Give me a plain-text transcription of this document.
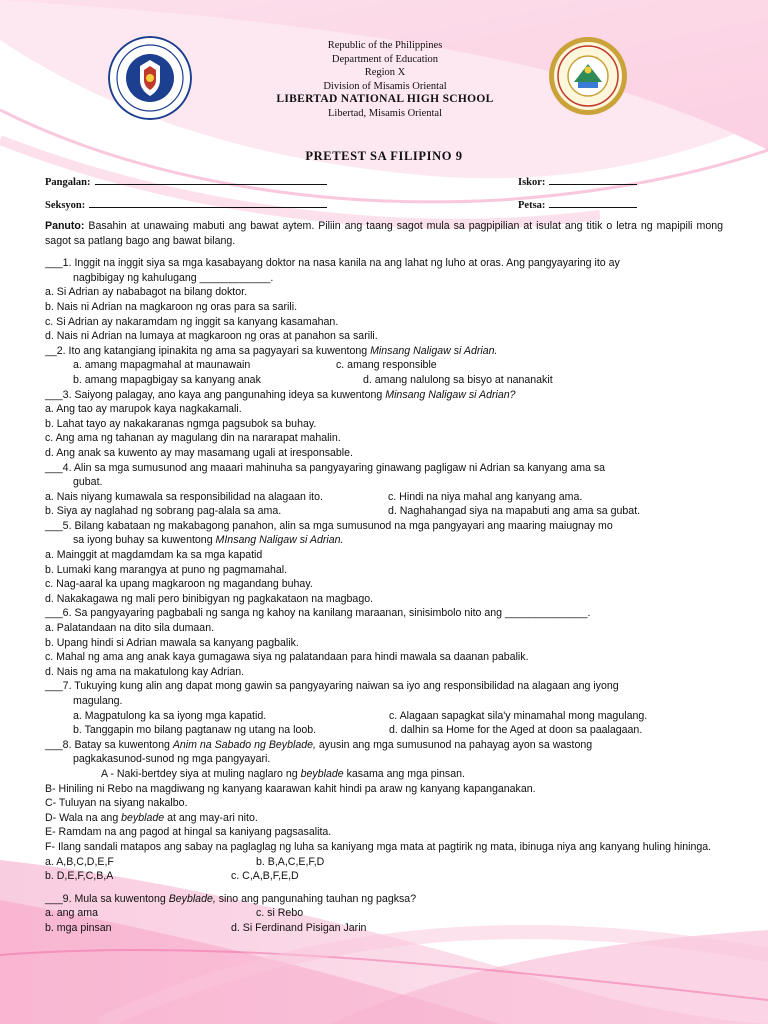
Republic of the Philippines
Department of Education
Region X
Division of Misamis Oriental
LIBERTAD NATIONAL HIGH SCHOOL
Libertad, Misamis Oriental
PRETEST SA FILIPINO 9
Pangalan:	Iskor:
Seksyon:	Petsa:
Panuto: Basahin at unawaing mabuti ang bawat aytem. Piliin ang taang sagot mula sa pagpipilian at isulat ang titik o letra ng mapipili mong sagot sa patlang bago ang bawat bilang.
___1. Inggit na inggit siya sa mga kasabayang doktor na nasa kanila na ang lahat ng luho at oras. Ang pangyayaring ito ay
nagbibigay ng kahulugang ____________.
a. Si Adrian ay nababagot na bilang doktor.
b. Nais ni Adrian na magkaroon ng oras para sa sarili.
c. Si Adrian ay nakaramdam ng inggit sa kanyang kasamahan.
d. Nais ni Adrian na lumaya at magkaroon ng oras at panahon sa sarili.
__2. Ito ang katangiang ipinakita ng ama sa pagyayari sa kuwentong Minsang Naligaw si Adrian.
a. amang mapagmahal at maunawain	c. amang responsible
b. amang mapagbigay sa kanyang anak	d. amang nalulong sa bisyo at nananakit
___3. Saiyong palagay, ano kaya ang pangunahing ideya sa kuwentong Minsang Naligaw si Adrian?
a. Ang tao ay marupok kaya nagkakamali.
b. Lahat tayo ay nakakaranas ngmga pagsubok sa buhay.
c. Ang ama ng tahanan ay magulang din na nararapat mahalin.
d. Ang anak sa kuwento ay may masamang ugali at iresponsable.
___4. Alin sa mga sumusunod ang maaari mahinuha sa pangyayaring ginawang pagligaw ni Adrian sa kanyang ama sa
gubat.
a. Nais niyang kumawala sa responsibilidad na alagaan ito.	c. Hindi na niya mahal ang kanyang ama.
b. Siya ay naglahad ng sobrang pag-alala sa ama.	d. Naghahangad siya na mapabuti ang ama sa gubat.
___5. Bilang kabataan ng makabagong panahon, alin sa mga sumusunod na mga pangyayari ang maaring maiugnay mo
sa iyong buhay sa kuwentong MInsang Naligaw si Adrian.
a. Mainggit at magdamdam ka sa mga kapatid
b. Lumaki kang marangya at puno ng pagmamahal.
c. Nag-aaral ka upang magkaroon ng magandang buhay.
d. Nakakagawa ng mali pero binibigyan ng pagkakataon na magbago.
___6. Sa pangyayaring pagbabali ng sanga ng kahoy na kanilang maraanan, sinisimbolo nito ang ______________.
a. Palatandaan na dito sila dumaan.
b. Upang hindi si Adrian mawala sa kanyang pagbalik.
c. Mahal ng ama ang anak kaya gumagawa siya ng palatandaan para hindi mawala sa daanan pabalik.
d. Nais ng ama na makatulong kay Adrian.
___7. Tukuying kung alin ang dapat mong gawin sa pangyayaring naiwan sa iyo ang responsibilidad na alagaan ang iyong
magulang.
a. Magpatulong ka sa iyong mga kapatid.	c. Alagaan sapagkat sila'y minamahal mong magulang.
b. Tanggapin mo bilang pagtanaw ng utang na loob.	d. dalhin sa Home for the Aged at doon sa paalagaan.
___8. Batay sa kuwentong Anim na Sabado ng Beyblade, ayusin ang mga sumusunod na pahayag ayon sa wastong
pagkakasunod-sunod ng mga pangyayari.
A - Naki-bertdey siya at muling naglaro ng beyblade kasama ang mga pinsan.
B- Hiniling ni Rebo na magdiwang ng kanyang kaarawan kahit hindi pa araw ng kanyang kapanganakan.
C- Tuluyan na siyang nakalbo.
D- Wala na ang beyblade at ang may-ari nito.
E- Ramdam na ang pagod at hingal sa kaniyang pagsasalita.
F- Ilang sandali matapos ang sabay na paglaglag ng luha sa kaniyang mga mata at pagtirik ng mata, ibinuga niya ang kanyang huling hininga.
a. A,B,C,D,E,F	b. B,A,C,E,F,D
b. D,E,F,C,B,A	c. C,A,B,F,E,D
___9. Mula sa kuwentong Beyblade, sino ang pangunahing tauhan ng pagksa?
a. ang ama	c. si Rebo
b. mga pinsan	d. Si Ferdinand Pisigan Jarin
